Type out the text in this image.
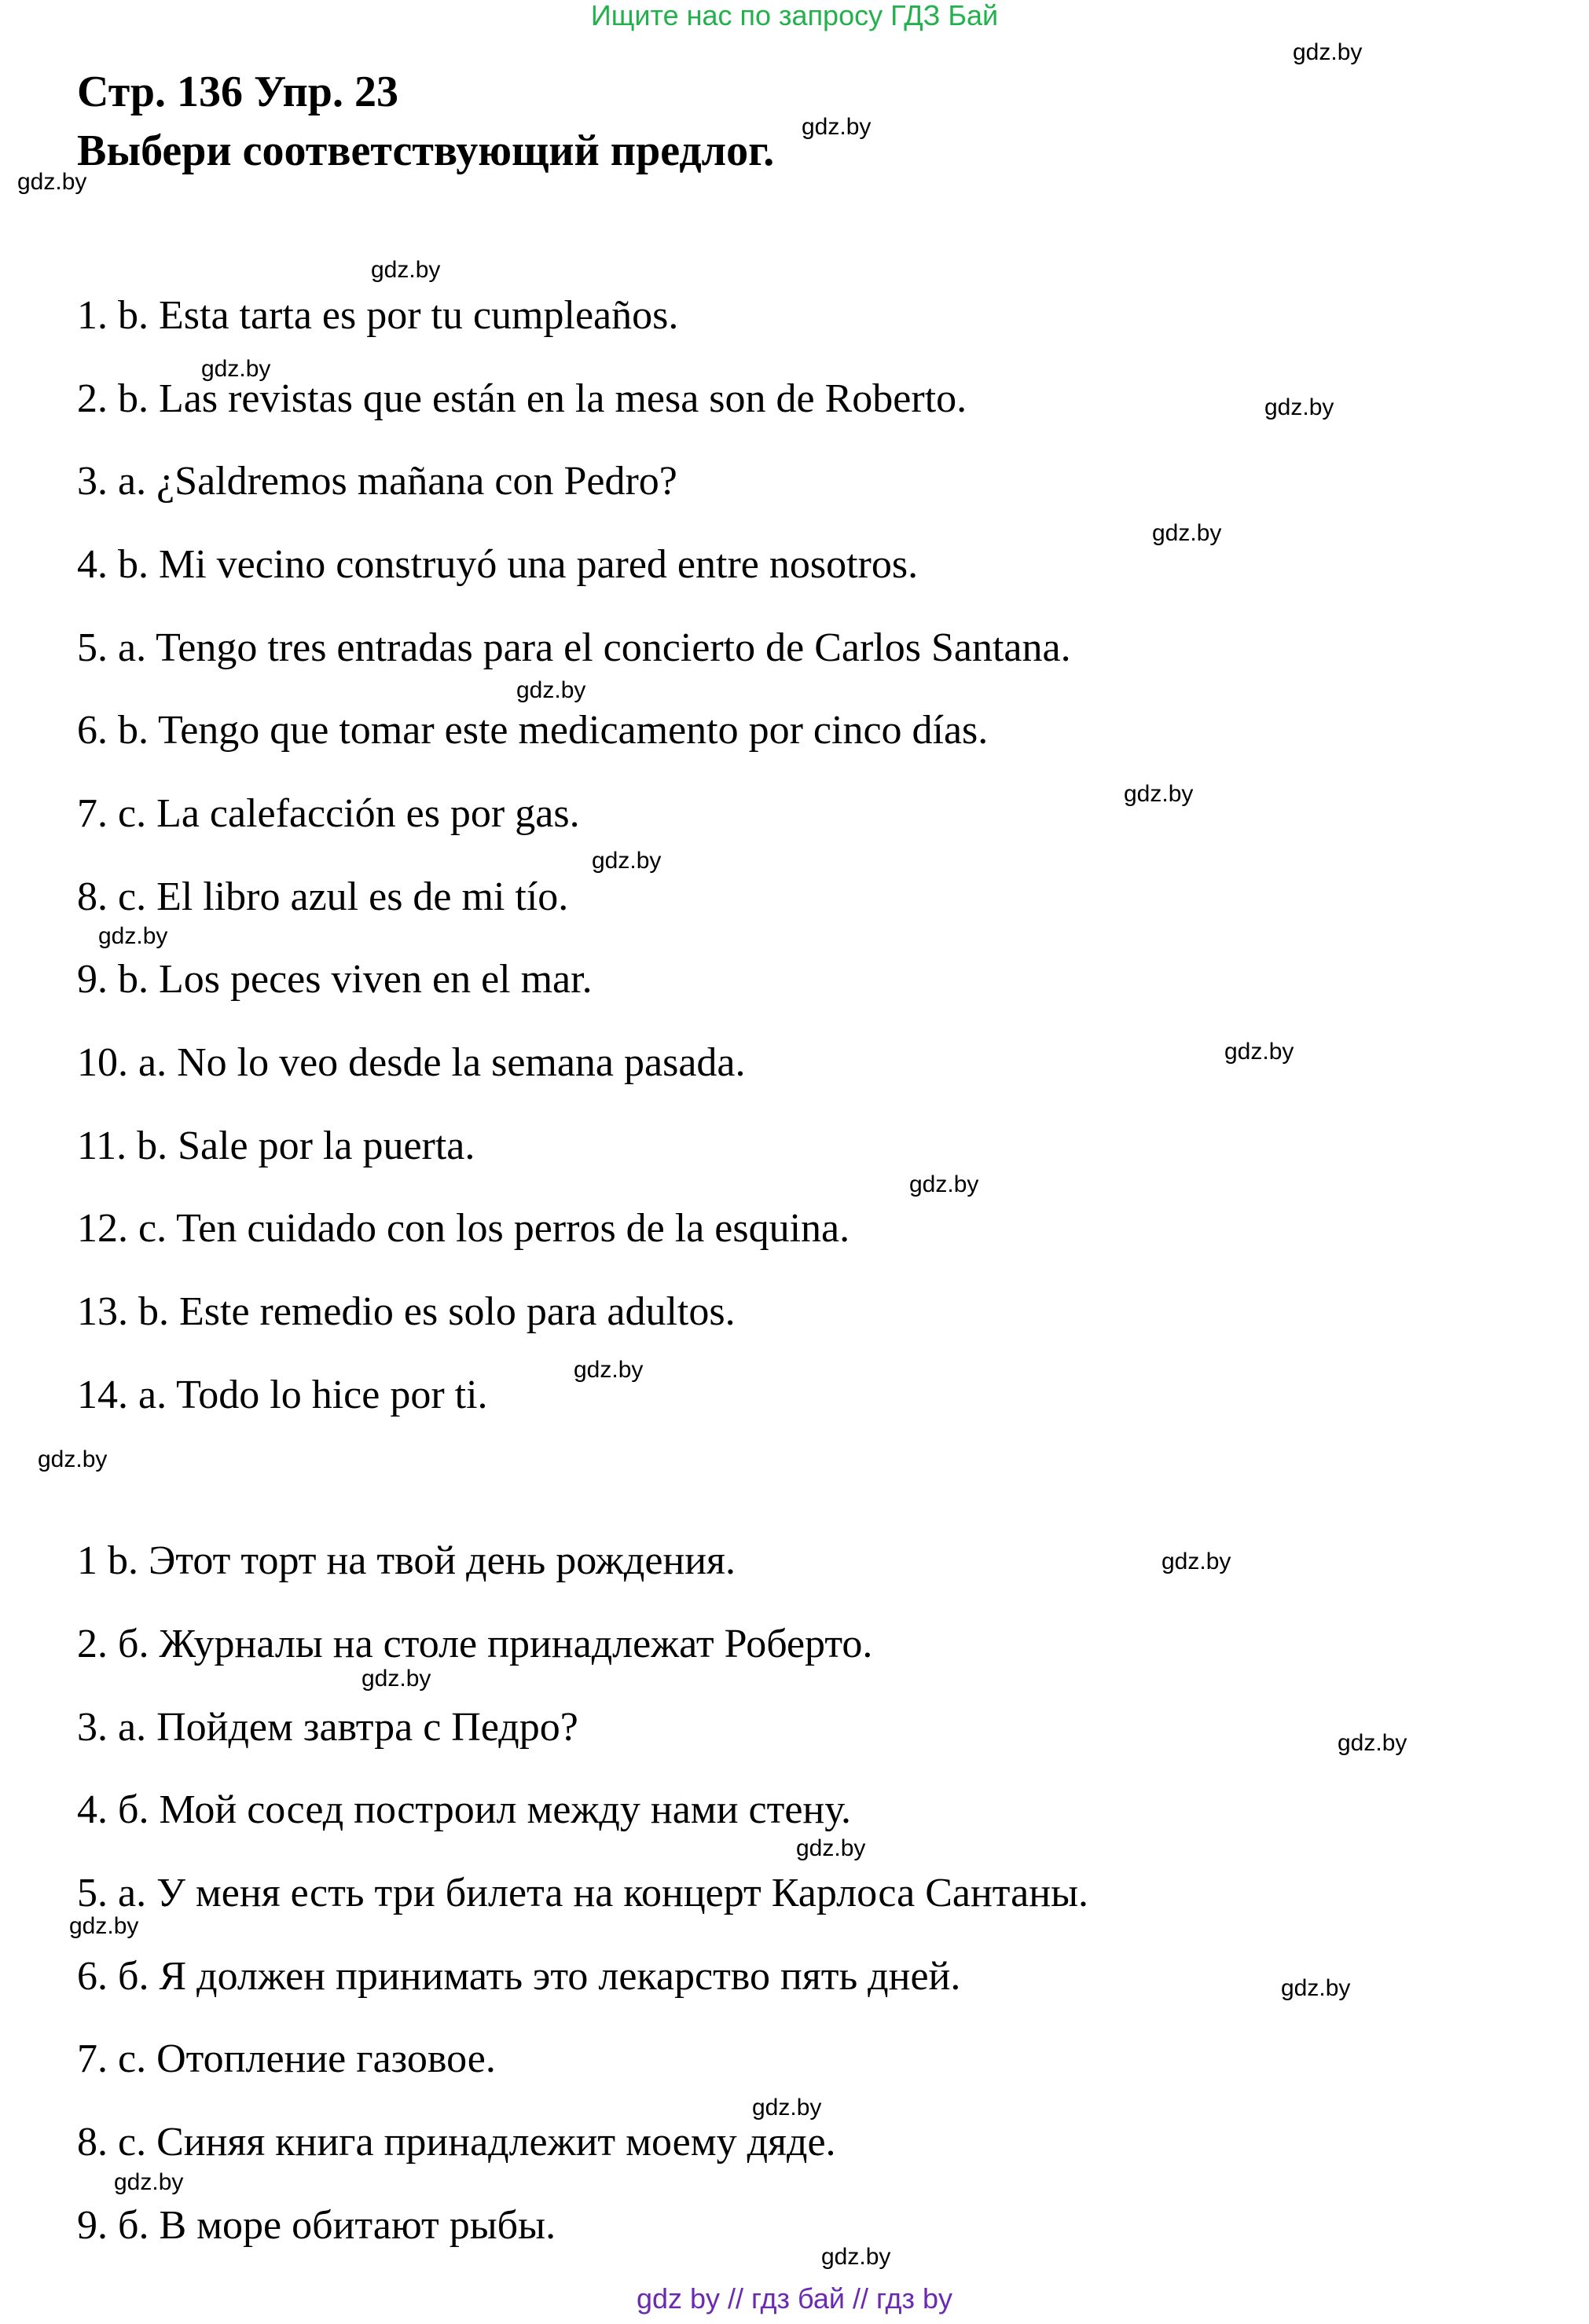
Ищите нас по запросу ГДЗ Бай
Стр. 136 Упр. 23
Выбери соответствующий предлог.
1. b. Esta tarta es por tu cumpleaños.
2. b. Las revistas que están en la mesa son de Roberto.
3. a. ¿Saldremos mañana con Pedro?
4. b. Mi vecino construyó una pared entre nosotros.
5. a. Tengo tres entradas para el concierto de Carlos Santana.
6. b. Tengo que tomar este medicamento por cinco días.
7. c. La calefacción es por gas.
8. c. El libro azul es de mi tío.
9. b. Los peces viven en el mar.
10. a. No lo veo desde la semana pasada.
11. b. Sale por la puerta.
12. c. Ten cuidado con los perros de la esquina.
13. b. Este remedio es solo para adultos.
14. a. Todo lo hice por ti.
1 b. Этот торт на твой день рождения.
2. б. Журналы на столе принадлежат Роберто.
3. а. Пойдем завтра с Педро?
4. б. Мой сосед построил между нами стену.
5. а. У меня есть три билета на концерт Карлоса Сантаны.
6. б. Я должен принимать это лекарство пять дней.
7. с. Отопление газовое.
8. с. Синяя книга принадлежит моему дяде.
9. б. В море обитают рыбы.
gdz.by
gdz.by
gdz.by
gdz.by
gdz.by
gdz.by
gdz.by
gdz.by
gdz.by
gdz.by
gdz.by
gdz.by
gdz.by
gdz.by
gdz.by
gdz.by
gdz.by
gdz.by
gdz.by
gdz.by
gdz.by
gdz.by
gdz.by
gdz.by
gdz by // гдз бай // гдз by
